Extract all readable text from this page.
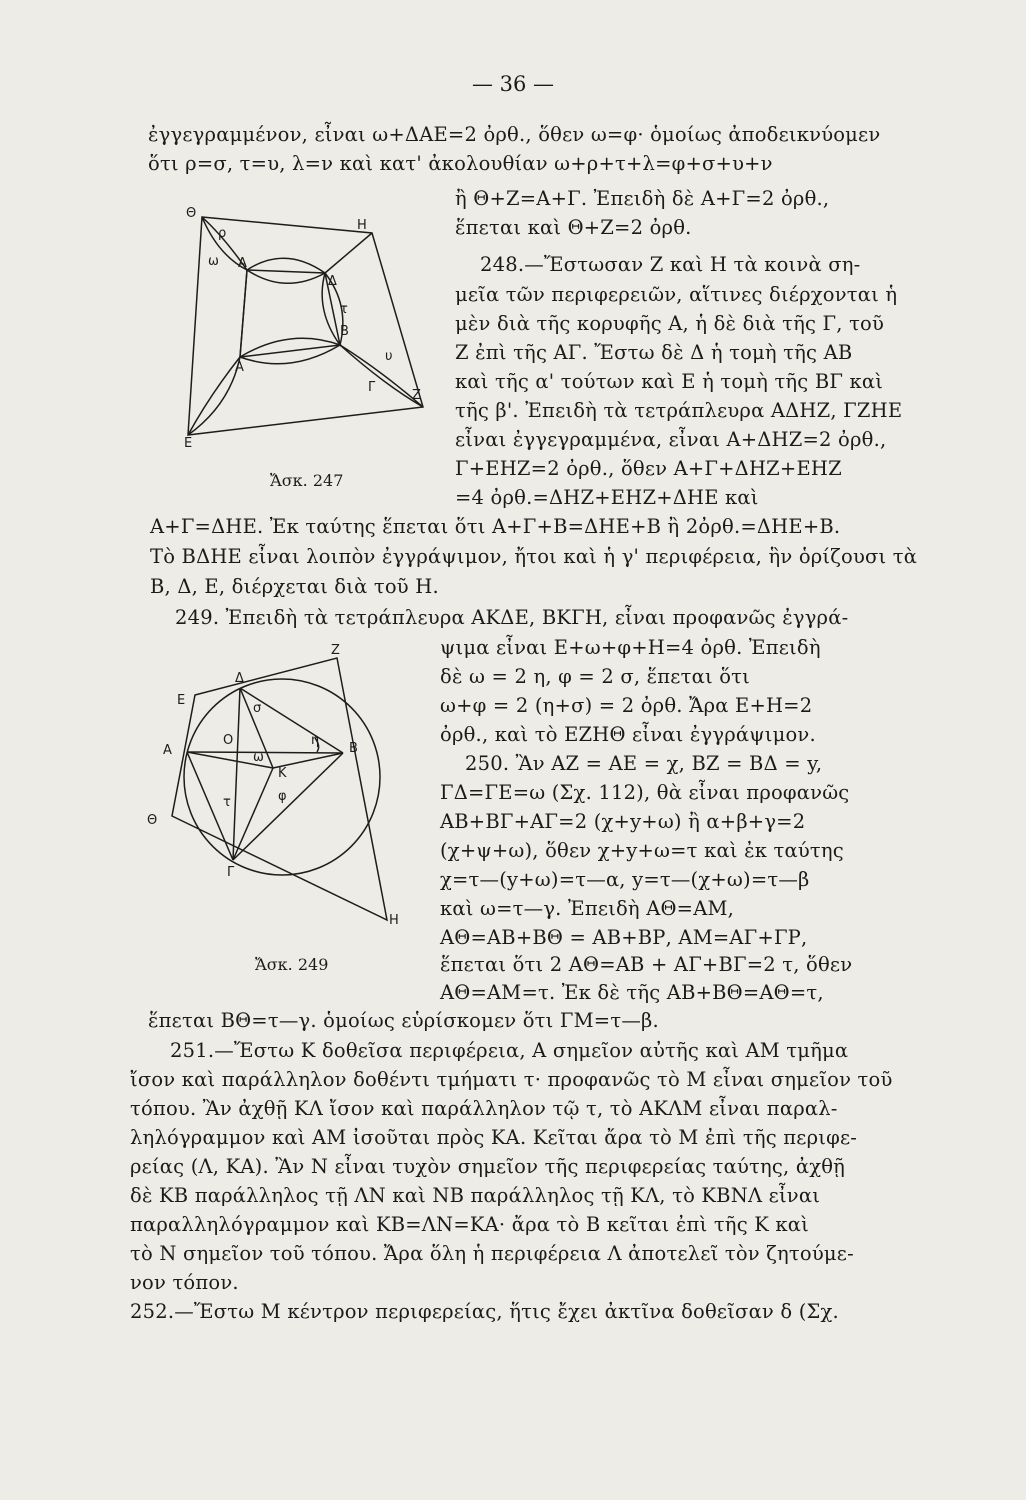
— 36 —
Θ
ρ
ω Α
Η
Δ
Β
τ
Α
υ
Γ
Ζ
Ε
Ἄσκ. 247
Ζ
Δ
Ε
Α
σ
Ο	η
Β
Κ
φ
ω
τ
Θ
Γ
Η
Ἄσκ. 249
ἐγγεγραμμένον, εἶναι ω+ΔΑΕ=2 ὀρθ., ὅθεν ω=φ· ὁμοίως ἀποδεικνύομεν
ὅτι ρ=σ, τ=υ, λ=ν καὶ κατ' ἀκολουθίαν ω+ρ+τ+λ=φ+σ+υ+ν
ἢ Θ+Ζ=Α+Γ. Ἐπειδὴ δὲ Α+Γ=2 ὀρθ.,
ἕπεται καὶ Θ+Ζ=2 ὀρθ.
248.—Ἔστωσαν Ζ καὶ Η τὰ κοινὰ ση-
μεῖα τῶν περιφερειῶν, αἵτινες διέρχονται ἡ
μὲν διὰ τῆς κορυφῆς Α, ἡ δὲ διὰ τῆς Γ, τοῦ
Ζ ἐπὶ τῆς ΑΓ. Ἔστω δὲ Δ ἡ τομὴ τῆς ΑΒ
καὶ τῆς α' τούτων καὶ Ε ἡ τομὴ τῆς ΒΓ καὶ
τῆς β'. Ἐπειδὴ τὰ τετράπλευρα ΑΔΗΖ, ΓΖΗΕ
εἶναι ἐγγεγραμμένα, εἶναι Α+ΔΗΖ=2 ὀρθ.,
Γ+ΕΗΖ=2 ὀρθ., ὅθεν Α+Γ+ΔΗΖ+ΕΗΖ
=4 ὀρθ.=ΔΗΖ+ΕΗΖ+ΔΗΕ καὶ
Α+Γ=ΔΗΕ. Ἐκ ταύτης ἕπεται ὅτι Α+Γ+Β=ΔΗΕ+Β ἢ 2ὀρθ.=ΔΗΕ+Β.
Τὸ ΒΔΗΕ εἶναι λοιπὸν ἐγγράψιμον, ἤτοι καὶ ἡ γ' περιφέρεια, ἣν ὁρίζουσι τὰ
Β, Δ, Ε, διέρχεται διὰ τοῦ Η.
249. Ἐπειδὴ τὰ τετράπλευρα ΑΚΔΕ, ΒΚΓΗ, εἶναι προφανῶς ἐγγρά-
ψιμα εἶναι Ε+ω+φ+Η=4 ὀρθ. Ἐπειδὴ
δὲ ω = 2 η, φ = 2 σ, ἕπεται ὅτι
ω+φ = 2 (η+σ) = 2 ὀρθ. Ἄρα Ε+Η=2
ὀρθ., καὶ τὸ ΕΖΗΘ εἶναι ἐγγράψιμον.
250. Ἂν ΑΖ = ΑΕ = χ, ΒΖ = ΒΔ = y,
ΓΔ=ΓΕ=ω (Σχ. 112), θὰ εἶναι προφανῶς
ΑΒ+ΒΓ+ΑΓ=2 (χ+y+ω) ἢ α+β+γ=2
(χ+ψ+ω), ὅθεν χ+y+ω=τ καὶ ἐκ ταύτης
χ=τ—(y+ω)=τ—α, y=τ—(χ+ω)=τ—β
καὶ ω=τ—γ. Ἐπειδὴ ΑΘ=ΑΜ,
ΑΘ=ΑΒ+ΒΘ = ΑΒ+ΒΡ, ΑΜ=ΑΓ+ΓΡ,
ἕπεται ὅτι 2 ΑΘ=ΑΒ + ΑΓ+ΒΓ=2 τ, ὅθεν
ΑΘ=ΑΜ=τ. Ἐκ δὲ τῆς ΑΒ+ΒΘ=ΑΘ=τ,
ἕπεται ΒΘ=τ—γ. ὁμοίως εὑρίσκομεν ὅτι ΓΜ=τ—β.
251.—Ἔστω Κ δοθεῖσα περιφέρεια, Α σημεῖον αὐτῆς καὶ ΑΜ τμῆμα
ἴσον καὶ παράλληλον δοθέντι τμήματι τ· προφανῶς τὸ Μ εἶναι σημεῖον τοῦ
τόπου. Ἂν ἀχθῇ ΚΛ ἴσον καὶ παράλληλον τῷ τ, τὸ ΑΚΛΜ εἶναι παραλ-
ληλόγραμμον καὶ ΑΜ ἰσοῦται πρὸς ΚΑ. Κεῖται ἄρα τὸ Μ ἐπὶ τῆς περιφε-
ρείας (Λ, ΚΑ). Ἂν Ν εἶναι τυχὸν σημεῖον τῆς περιφερείας ταύτης, ἀχθῇ
δὲ ΚΒ παράλληλος τῇ ΛΝ καὶ ΝΒ παράλληλος τῇ ΚΛ, τὸ ΚΒΝΛ εἶναι
παραλληλόγραμμον καὶ ΚΒ=ΛΝ=ΚΑ· ἄρα τὸ Β κεῖται ἐπὶ τῆς Κ καὶ
τὸ Ν σημεῖον τοῦ τόπου. Ἄρα ὅλη ἡ περιφέρεια Λ ἀποτελεῖ τὸν ζητούμε-
νον τόπον.
252.—Ἔστω Μ κέντρον περιφερείας, ἥτις ἔχει ἀκτῖνα δοθεῖσαν δ (Σχ.
